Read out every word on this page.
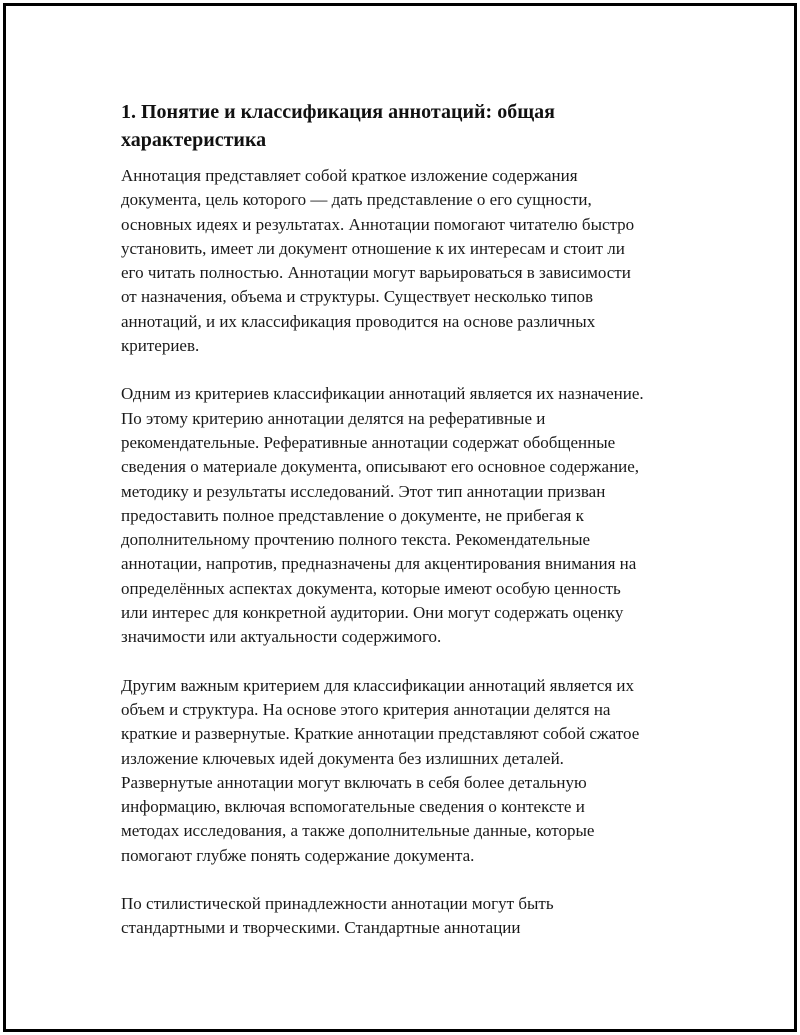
1. Понятие и классификация аннотаций: общая
характеристика

Аннотация представляет собой краткое изложение содержания
документа, цель которого — дать представление о его сущности,
основных идеях и результатах. Аннотации помогают читателю быстро
установить, имеет ли документ отношение к их интересам и стоит ли
его читать полностью. Аннотации могут варьироваться в зависимости
от назначения, объема и структуры. Существует несколько типов
аннотаций, и их классификация проводится на основе различных
критериев.

Одним из критериев классификации аннотаций является их назначение.
По этому критерию аннотации делятся на реферативные и
рекомендательные. Реферативные аннотации содержат обобщенные
сведения о материале документа, описывают его основное содержание,
методику и результаты исследований. Этот тип аннотации призван
предоставить полное представление о документе, не прибегая к
дополнительному прочтению полного текста. Рекомендательные
аннотации, напротив, предназначены для акцентирования внимания на
определённых аспектах документа, которые имеют особую ценность
или интерес для конкретной аудитории. Они могут содержать оценку
значимости или актуальности содержимого.

Другим важным критерием для классификации аннотаций является их
объем и структура. На основе этого критерия аннотации делятся на
краткие и развернутые. Краткие аннотации представляют собой сжатое
изложение ключевых идей документа без излишних деталей.
Развернутые аннотации могут включать в себя более детальную
информацию, включая вспомогательные сведения о контексте и
методах исследования, а также дополнительные данные, которые
помогают глубже понять содержание документа.

По стилистической принадлежности аннотации могут быть
стандартными и творческими. Стандартные аннотации
